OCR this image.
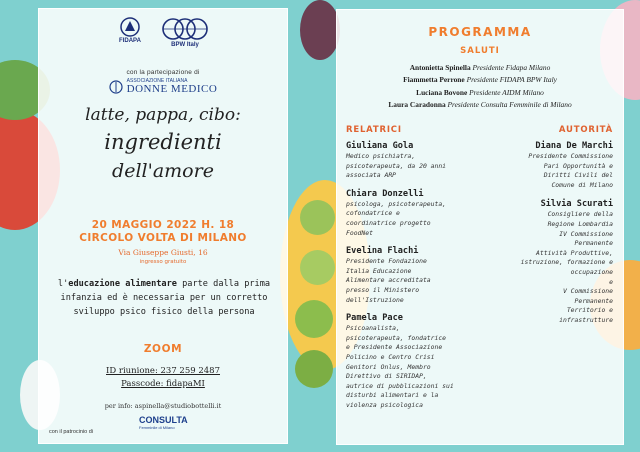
FIDAPA
BPW Italy
con la partecipazione di
ASSOCIAZIONE ITALIANA
DONNE MEDICO
latte, pappa, cibo:
ingredienti
dell'amore
20 MAGGIO 2022 H. 18
CIRCOLO VOLTA DI MILANO
Via Giuseppe Giusti, 16
ingresso gratuito
l'educazione alimentare parte dalla prima infanzia ed è necessaria per un corretto sviluppo psico fisico della persona
ZOOM
ID riunione: 237 259 2487
Passcode: fidapaMI
per info: aspinella@studiobottelli.it
con il patrocinio di
CONSULTA
Femminile di Milano
PROGRAMMA
SALUTI
Antonietta Spinella Presidente Fidapa Milano
Fiammetta Perrone Presidente FIDAPA BPW Italy
Luciana Bovone Presidente AIDM Milano
Laura Caradonna Presidente Consulta Femminile di Milano
RELATRICI	AUTORITÀ
Giuliana Gola
Medico psichiatra,
psicoterapeuta, da 20 anni
associata ARP
Chiara Donzelli
psicologa, psicoterapeuta,
cofondatrice e
coordinatrice progetto
FoodNet
Evelina Flachi
Presidente Fondazione
Italia Educazione
Alimentare accreditata
presso il Ministero
dell'Istruzione
Pamela Pace
Psicoanalista,
psicoterapeuta, fondatrice
e Presidente Associazione
Policino e Centro Crisi
Genitori Onlus, Membro
Direttivo di SIRIDAP,
autrice di pubblicazioni sui
disturbi alimentari e la
violenza psicologica
Diana De Marchi
Presidente Commissione
Pari Opportunità e
Diritti Civili del
Comune di Milano
Silvia Scurati
Consigliere della
Regione Lombardia
IV Commissione
Permanente
Attività Produttive,
istruzione, formazione e
occupazione
e
V Commissione
Permanente
Territorio e
infrastrutture
